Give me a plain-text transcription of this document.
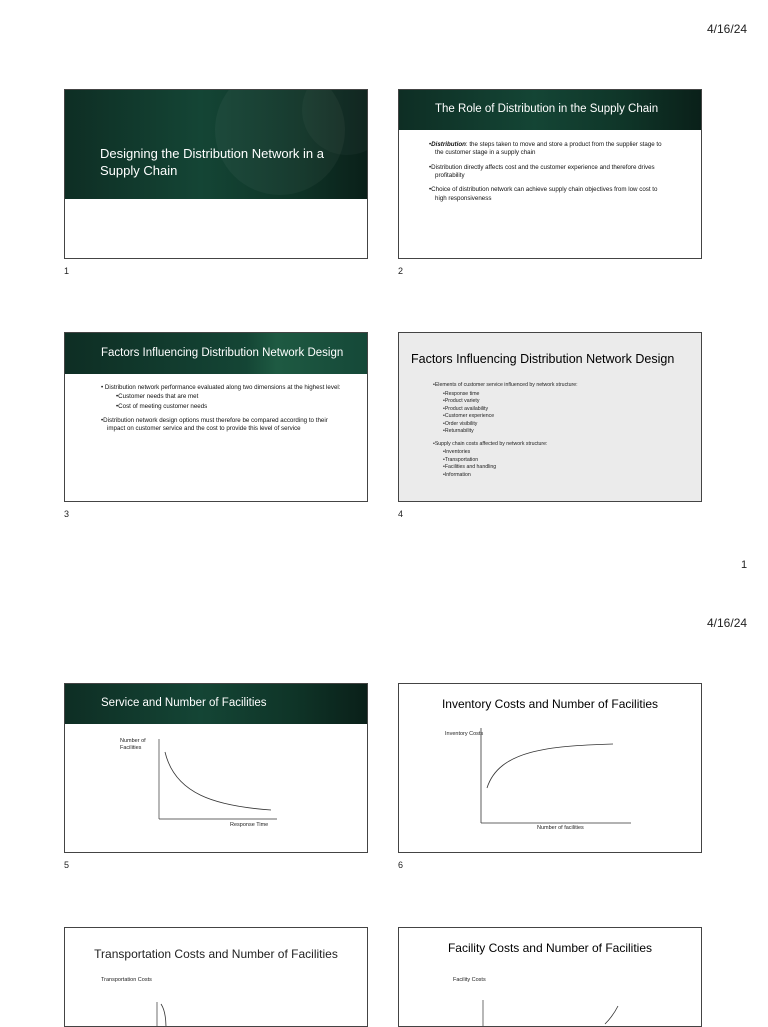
4/16/24
Designing the Distribution Network in a Supply Chain
1
The Role of Distribution in the Supply Chain
• Distribution: the steps taken to move and store a product from the supplier stage to the customer stage in a supply chain
• Distribution directly affects cost and the customer experience and therefore drives profitability
• Choice of distribution network can achieve supply chain objectives from low cost to high responsiveness
2
Factors Influencing Distribution Network Design
• Distribution network performance evaluated along two dimensions at the highest level:
• Customer needs that are met
• Cost of meeting customer needs
• Distribution network design options must therefore be compared according to their impact on customer service and the cost to provide this level of service
3
Factors Influencing Distribution Network Design
• Elements of customer service influenced by network structure:
• Response time
• Product variety
• Product availability
• Customer experience
• Order visibility
• Returnability
• Supply chain costs affected by network structure:
• Inventories
• Transportation
• Facilities and handling
• Information
4
1
4/16/24
Service and Number of Facilities
Number of Facilities
Response Time
5
Inventory Costs and Number of Facilities
Inventory Costs
Number of facilities
6
Transportation Costs and Number of Facilities
Transportation Costs
Facility Costs and Number of Facilities
Facility Costs
